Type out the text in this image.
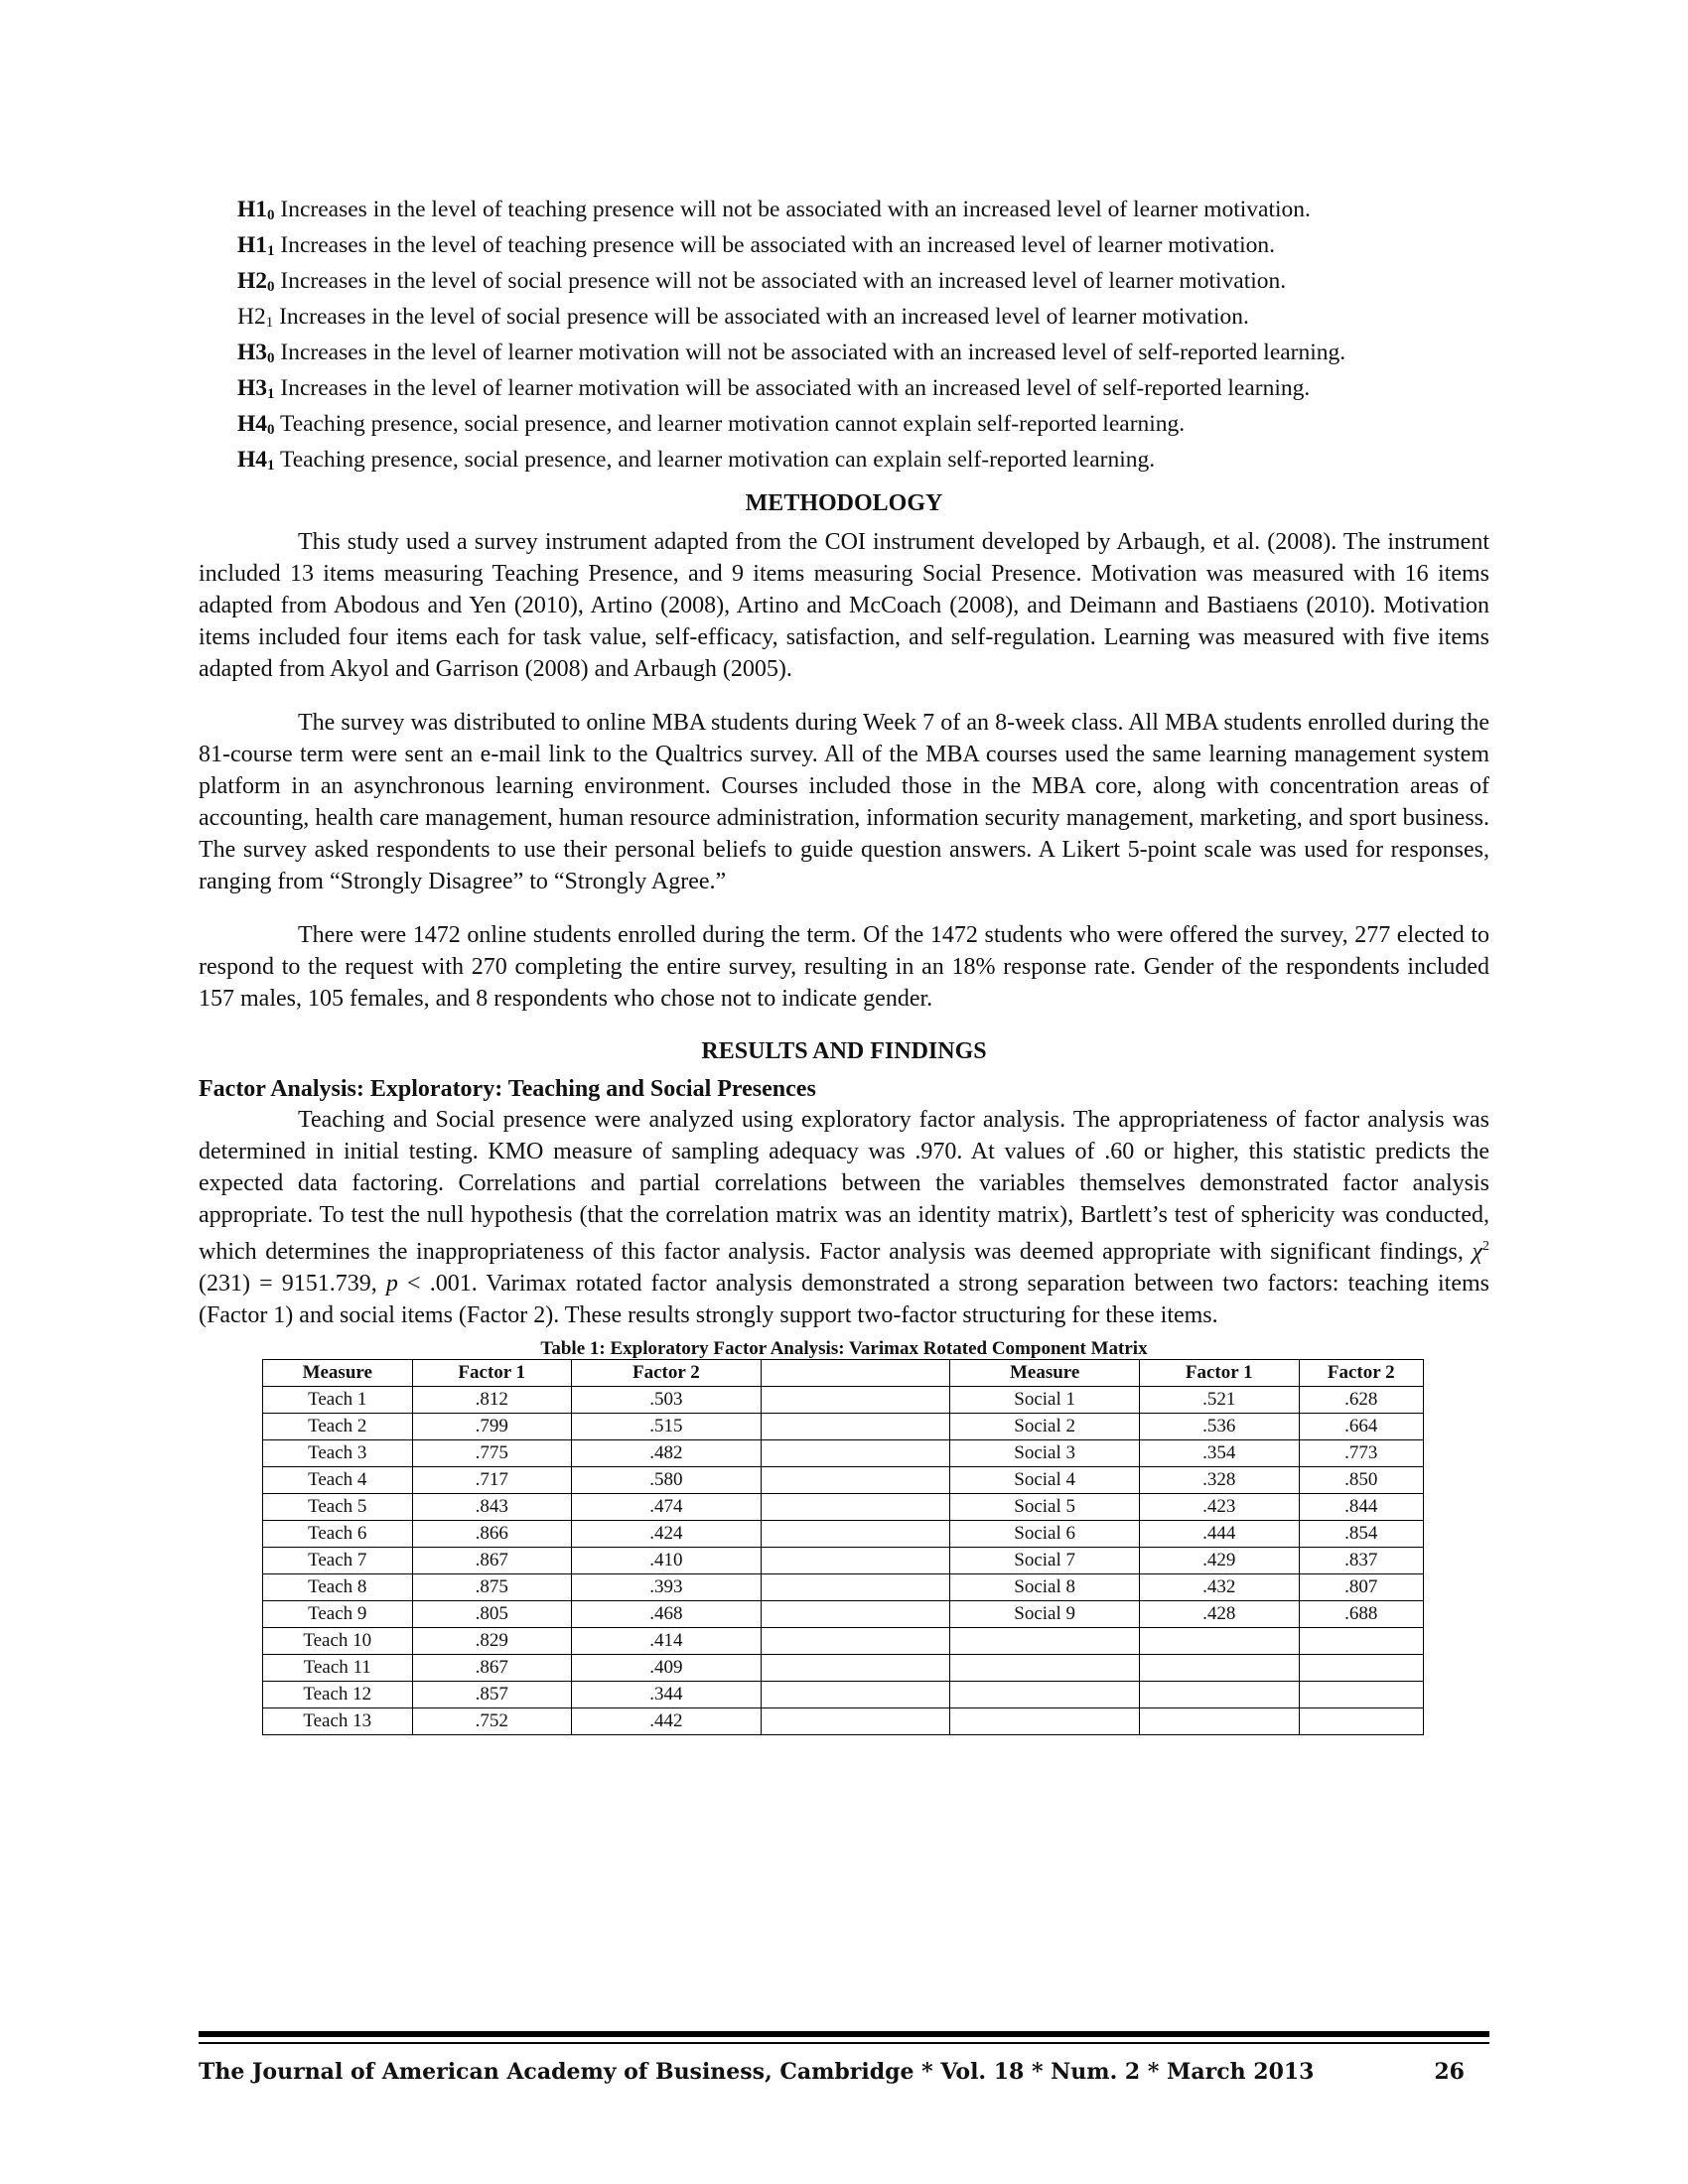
$H1_0$ Increases in the level of teaching presence will not be associated with an increased level of learner motivation.
$H1_1$ Increases in the level of teaching presence will be associated with an increased level of learner motivation.
$H2_0$ Increases in the level of social presence will not be associated with an increased level of learner motivation.
$H2_1$ Increases in the level of social presence will be associated with an increased level of learner motivation.
$H3_0$ Increases in the level of learner motivation will not be associated with an increased level of self-reported learning.
$H3_1$ Increases in the level of learner motivation will be associated with an increased level of self-reported learning.
$H4_0$ Teaching presence, social presence, and learner motivation cannot explain self-reported learning.
$H4_1$ Teaching presence, social presence, and learner motivation can explain self-reported learning.
METHODOLOGY

This study used a survey instrument adapted from the COI instrument developed by Arbaugh, et al. (2008). The instrument included 13 items measuring Teaching Presence, and 9 items measuring Social Presence. Motivation was measured with 16 items adapted from Abodous and Yen (2010), Artino (2008), Artino and McCoach (2008), and Deimann and Bastiaens (2010). Motivation items included four items each for task value, self-efficacy, satisfaction, and self-regulation. Learning was measured with five items adapted from Akyol and Garrison (2008) and Arbaugh (2005).

The survey was distributed to online MBA students during Week 7 of an 8-week class. All MBA students enrolled during the 81-course term were sent an e-mail link to the Qualtrics survey. All of the MBA courses used the same learning management system platform in an asynchronous learning environment. Courses included those in the MBA core, along with concentration areas of accounting, health care management, human resource administration, information security management, marketing, and sport business. The survey asked respondents to use their personal beliefs to guide question answers. A Likert 5-point scale was used for responses, ranging from “Strongly Disagree” to “Strongly Agree.”

There were 1472 online students enrolled during the term. Of the 1472 students who were offered the survey, 277 elected to respond to the request with 270 completing the entire survey, resulting in an 18% response rate. Gender of the respondents included 157 males, 105 females, and 8 respondents who chose not to indicate gender.

RESULTS AND FINDINGS
Factor Analysis: Exploratory: Teaching and Social Presences

Teaching and Social presence were analyzed using exploratory factor analysis. The appropriateness of factor analysis was determined in initial testing. KMO measure of sampling adequacy was .970. At values of .60 or higher, this statistic predicts the expected data factoring. Correlations and partial correlations between the variables themselves demonstrated factor analysis appropriate. To test the null hypothesis (that the correlation matrix was an identity matrix), Bartlett’s test of sphericity was conducted, which determines the inappropriateness of this factor analysis. Factor analysis was deemed appropriate with significant findings, $\chi^2$ (231) = 9151.739, p < .001. Varimax rotated factor analysis demonstrated a strong separation between two factors: teaching items (Factor 1) and social items (Factor 2). These results strongly support two-factor structuring for these items.

Table 1: Exploratory Factor Analysis: Varimax Rotated Component Matrix
Measure	Factor 1	Factor 2		Measure	Factor 1	Factor 2
Teach 1	.812	.503		Social 1	.521	.628
Teach 2	.799	.515		Social 2	.536	.664
Teach 3	.775	.482		Social 3	.354	.773
Teach 4	.717	.580		Social 4	.328	.850
Teach 5	.843	.474		Social 5	.423	.844
Teach 6	.866	.424		Social 6	.444	.854
Teach 7	.867	.410		Social 7	.429	.837
Teach 8	.875	.393		Social 8	.432	.807
Teach 9	.805	.468		Social 9	.428	.688
Teach 10	.829	.414				
Teach 11	.867	.409				
Teach 12	.857	.344				
Teach 13	.752	.442				
The Journal of American Academy of Business, Cambridge * Vol. 18 * Num. 2 * March 2013	26
